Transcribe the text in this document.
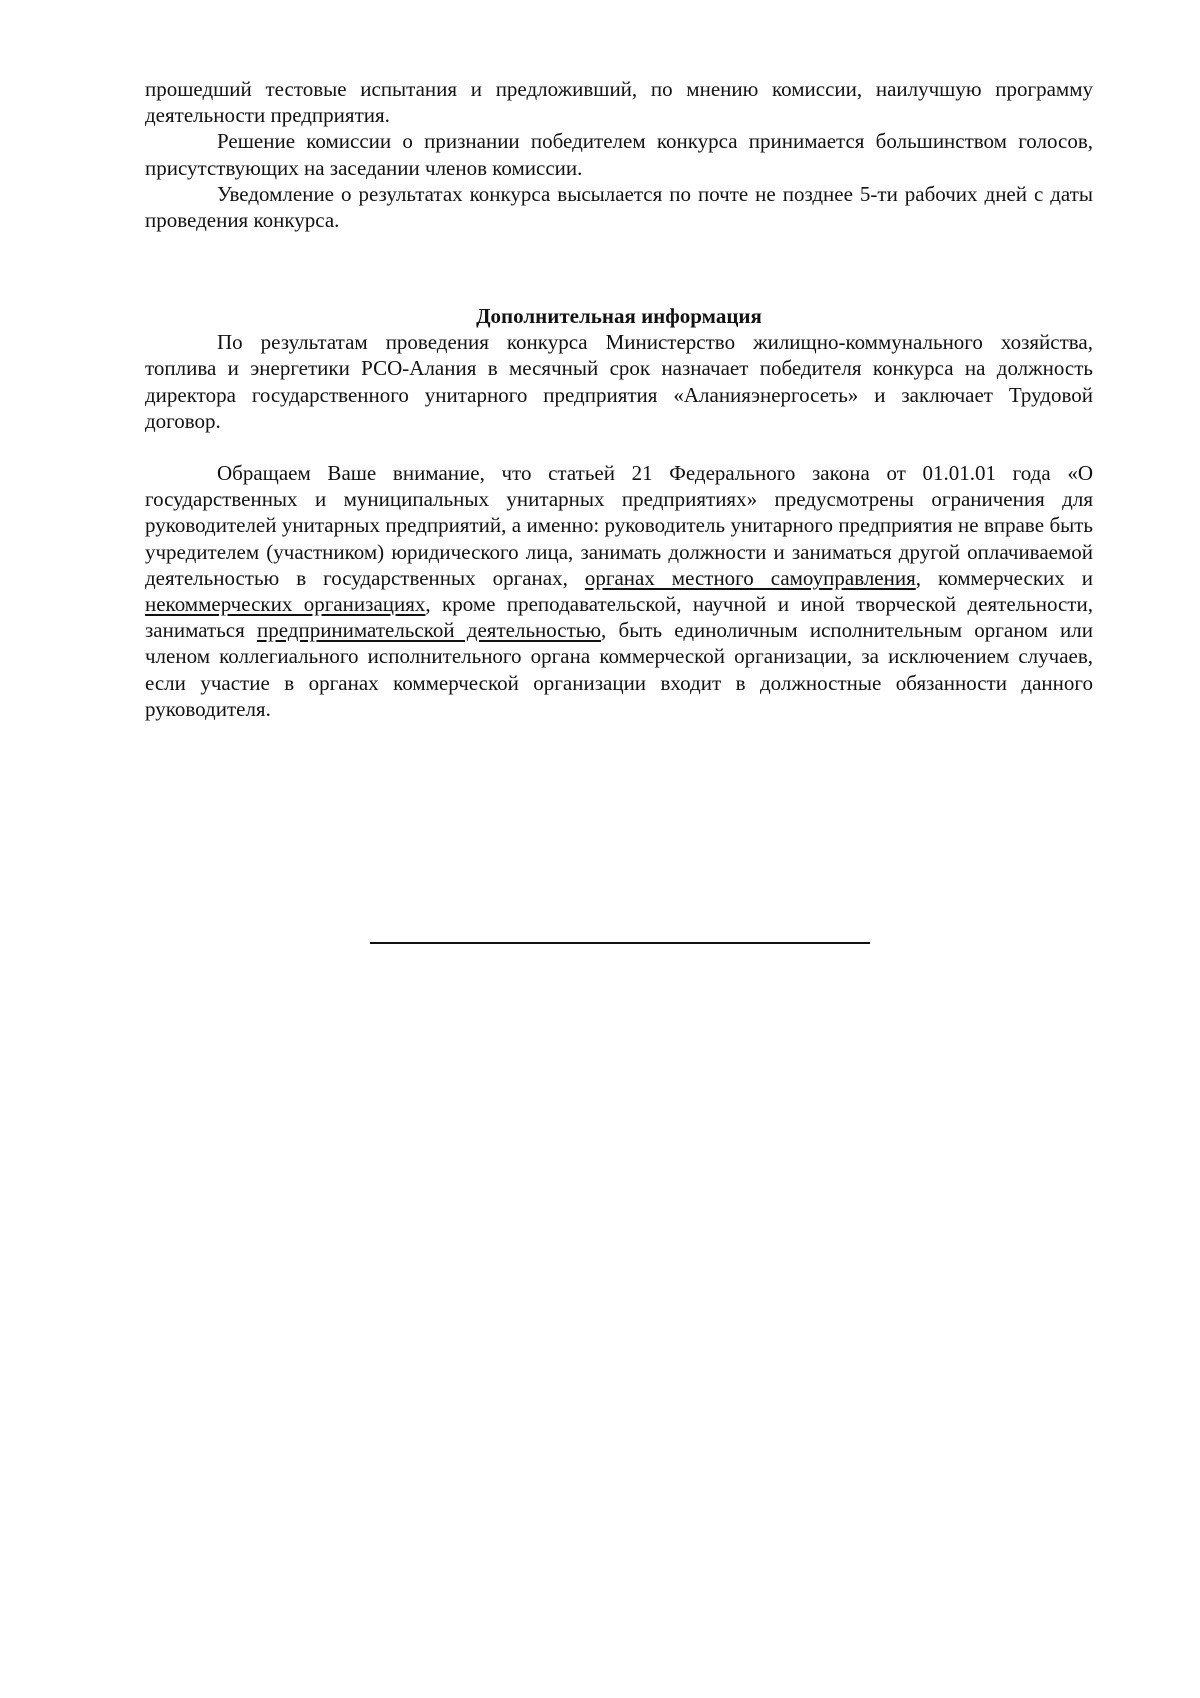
прошедший тестовые испытания и предложивший, по мнению комиссии, наилучшую программу деятельности предприятия.

Решение комиссии о признании победителем конкурса принимается большинством голосов, присутствующих на заседании членов комиссии.

Уведомление о результатах конкурса высылается по почте не позднее 5-ти рабочих дней с даты проведения конкурса.

Дополнительная информация

По результатам проведения конкурса Министерство жилищно-коммунального хозяйства, топлива и энергетики РСО-Алания в месячный срок назначает победителя конкурса на должность директора государственного унитарного предприятия «Аланияэнергосеть» и заключает Трудовой договор.

Обращаем Ваше внимание, что статьей 21 Федерального закона от 01.01.01 года «О государственных и муниципальных унитарных предприятиях» предусмотрены ограничения для руководителей унитарных предприятий, а именно: руководитель унитарного предприятия не вправе быть учредителем (участником) юридического лица, занимать должности и заниматься другой оплачиваемой деятельностью в государственных органах, органах местного самоуправления, коммерческих и некоммерческих организациях, кроме преподавательской, научной и иной творческой деятельности, заниматься предпринимательской деятельностью, быть единоличным исполнительным органом или членом коллегиального исполнительного органа коммерческой организации, за исключением случаев, если участие в органах коммерческой организации входит в должностные обязанности данного руководителя.
